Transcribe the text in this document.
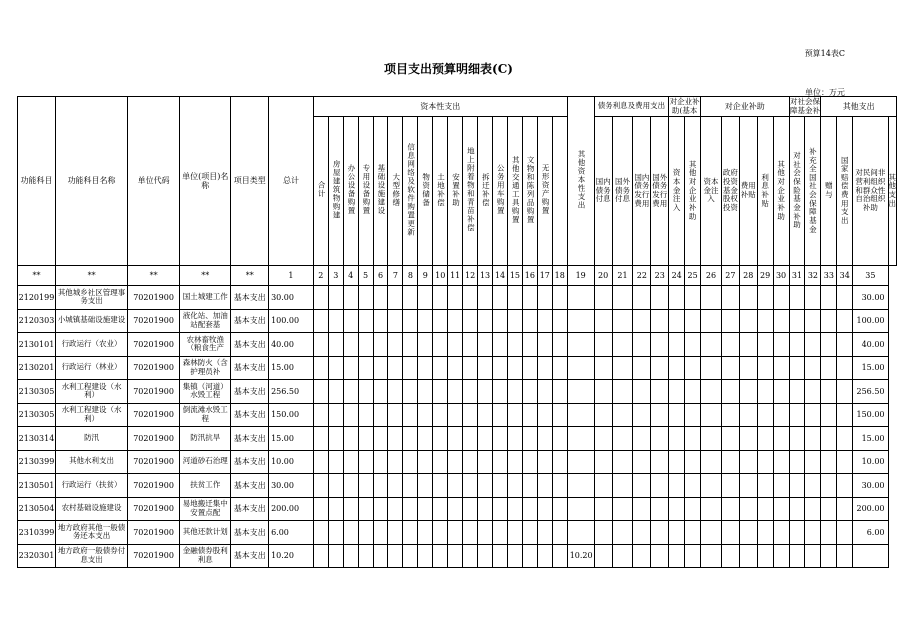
预算14表C
项目支出预算明细表(C)
单位：万元
功能科目	功能科目名称	单位代码	单位(项目)名称	项目类型	总计	资本性支出																	其他资本性支出	债务利息及费用支出				对企业补助(基本		对企业补助					对社会保障基金补		其他支出			
						合计	房屋建筑物购建	办公设备购置	专用设备购置	基础设施建设	大型修缮	信息网络及软件购置更新	物资储备	土地补偿	安置补助	地上附着物和青苗补偿	拆迁补偿	公务用车购置	其他交通工具购置	文物和陈列品购置	无形资产购置			国内债务付息	国外债务付息	国内债务发行费用	国外债务发行费用	资本金注入	其他对企业补助	资本金注入	政府投资基金股权投资	费用补贴	利息补贴	其他对企业补助	对社会保险基金补助	补充全国社会保障基金	赠与	国家赔偿费用支出	对民间非营利组织和群众性自治组织补助	其他支出
**	**	**	**	**	1	2	3	4	5	6	7	8	9	10	11	12	13	14	15	16	17	18	19	20	21	22	23	24	25	26	27	28	29	30	31	32	33	34	35	
2120199	其他城乡社区管理事务支出	70201900	国土城建工作	基本支出	30.00																																		30.00	
2120303	小城镇基础设施建设	70201900	液化站、加油站配套基	基本支出	100.00																																		100.00	
2130101	行政运行（农业）	70201900	农林畜牧渔（粮食生产	基本支出	40.00																																		40.00	
2130201	行政运行（林业）	70201900	森林防火（含护理员补	基本支出	15.00																																		15.00	
2130305	水利工程建设（水利）	70201900	集镇（河道）水毁工程	基本支出	256.50																																		256.50	
2130305	水利工程建设（水利）	70201900	倒流滩水毁工程	基本支出	150.00																																		150.00	
2130314	防汛	70201900	防汛抗旱	基本支出	15.00																																		15.00	
2130399	其他水利支出	70201900	河道砂石治理	基本支出	10.00																																		10.00	
2130501	行政运行（扶贫）	70201900	扶贫工作	基本支出	30.00																																		30.00	
2130504	农村基础设施建设	70201900	易地搬迁集中安置点配	基本支出	200.00																																		200.00	
2310399	地方政府其他一般债务还本支出	70201900	其他还款计划	基本支出	6.00																																		6.00	
2320301	地方政府一般债券付息支出	70201900	金融债券股利利息	基本支出	10.20																		10.20																	
